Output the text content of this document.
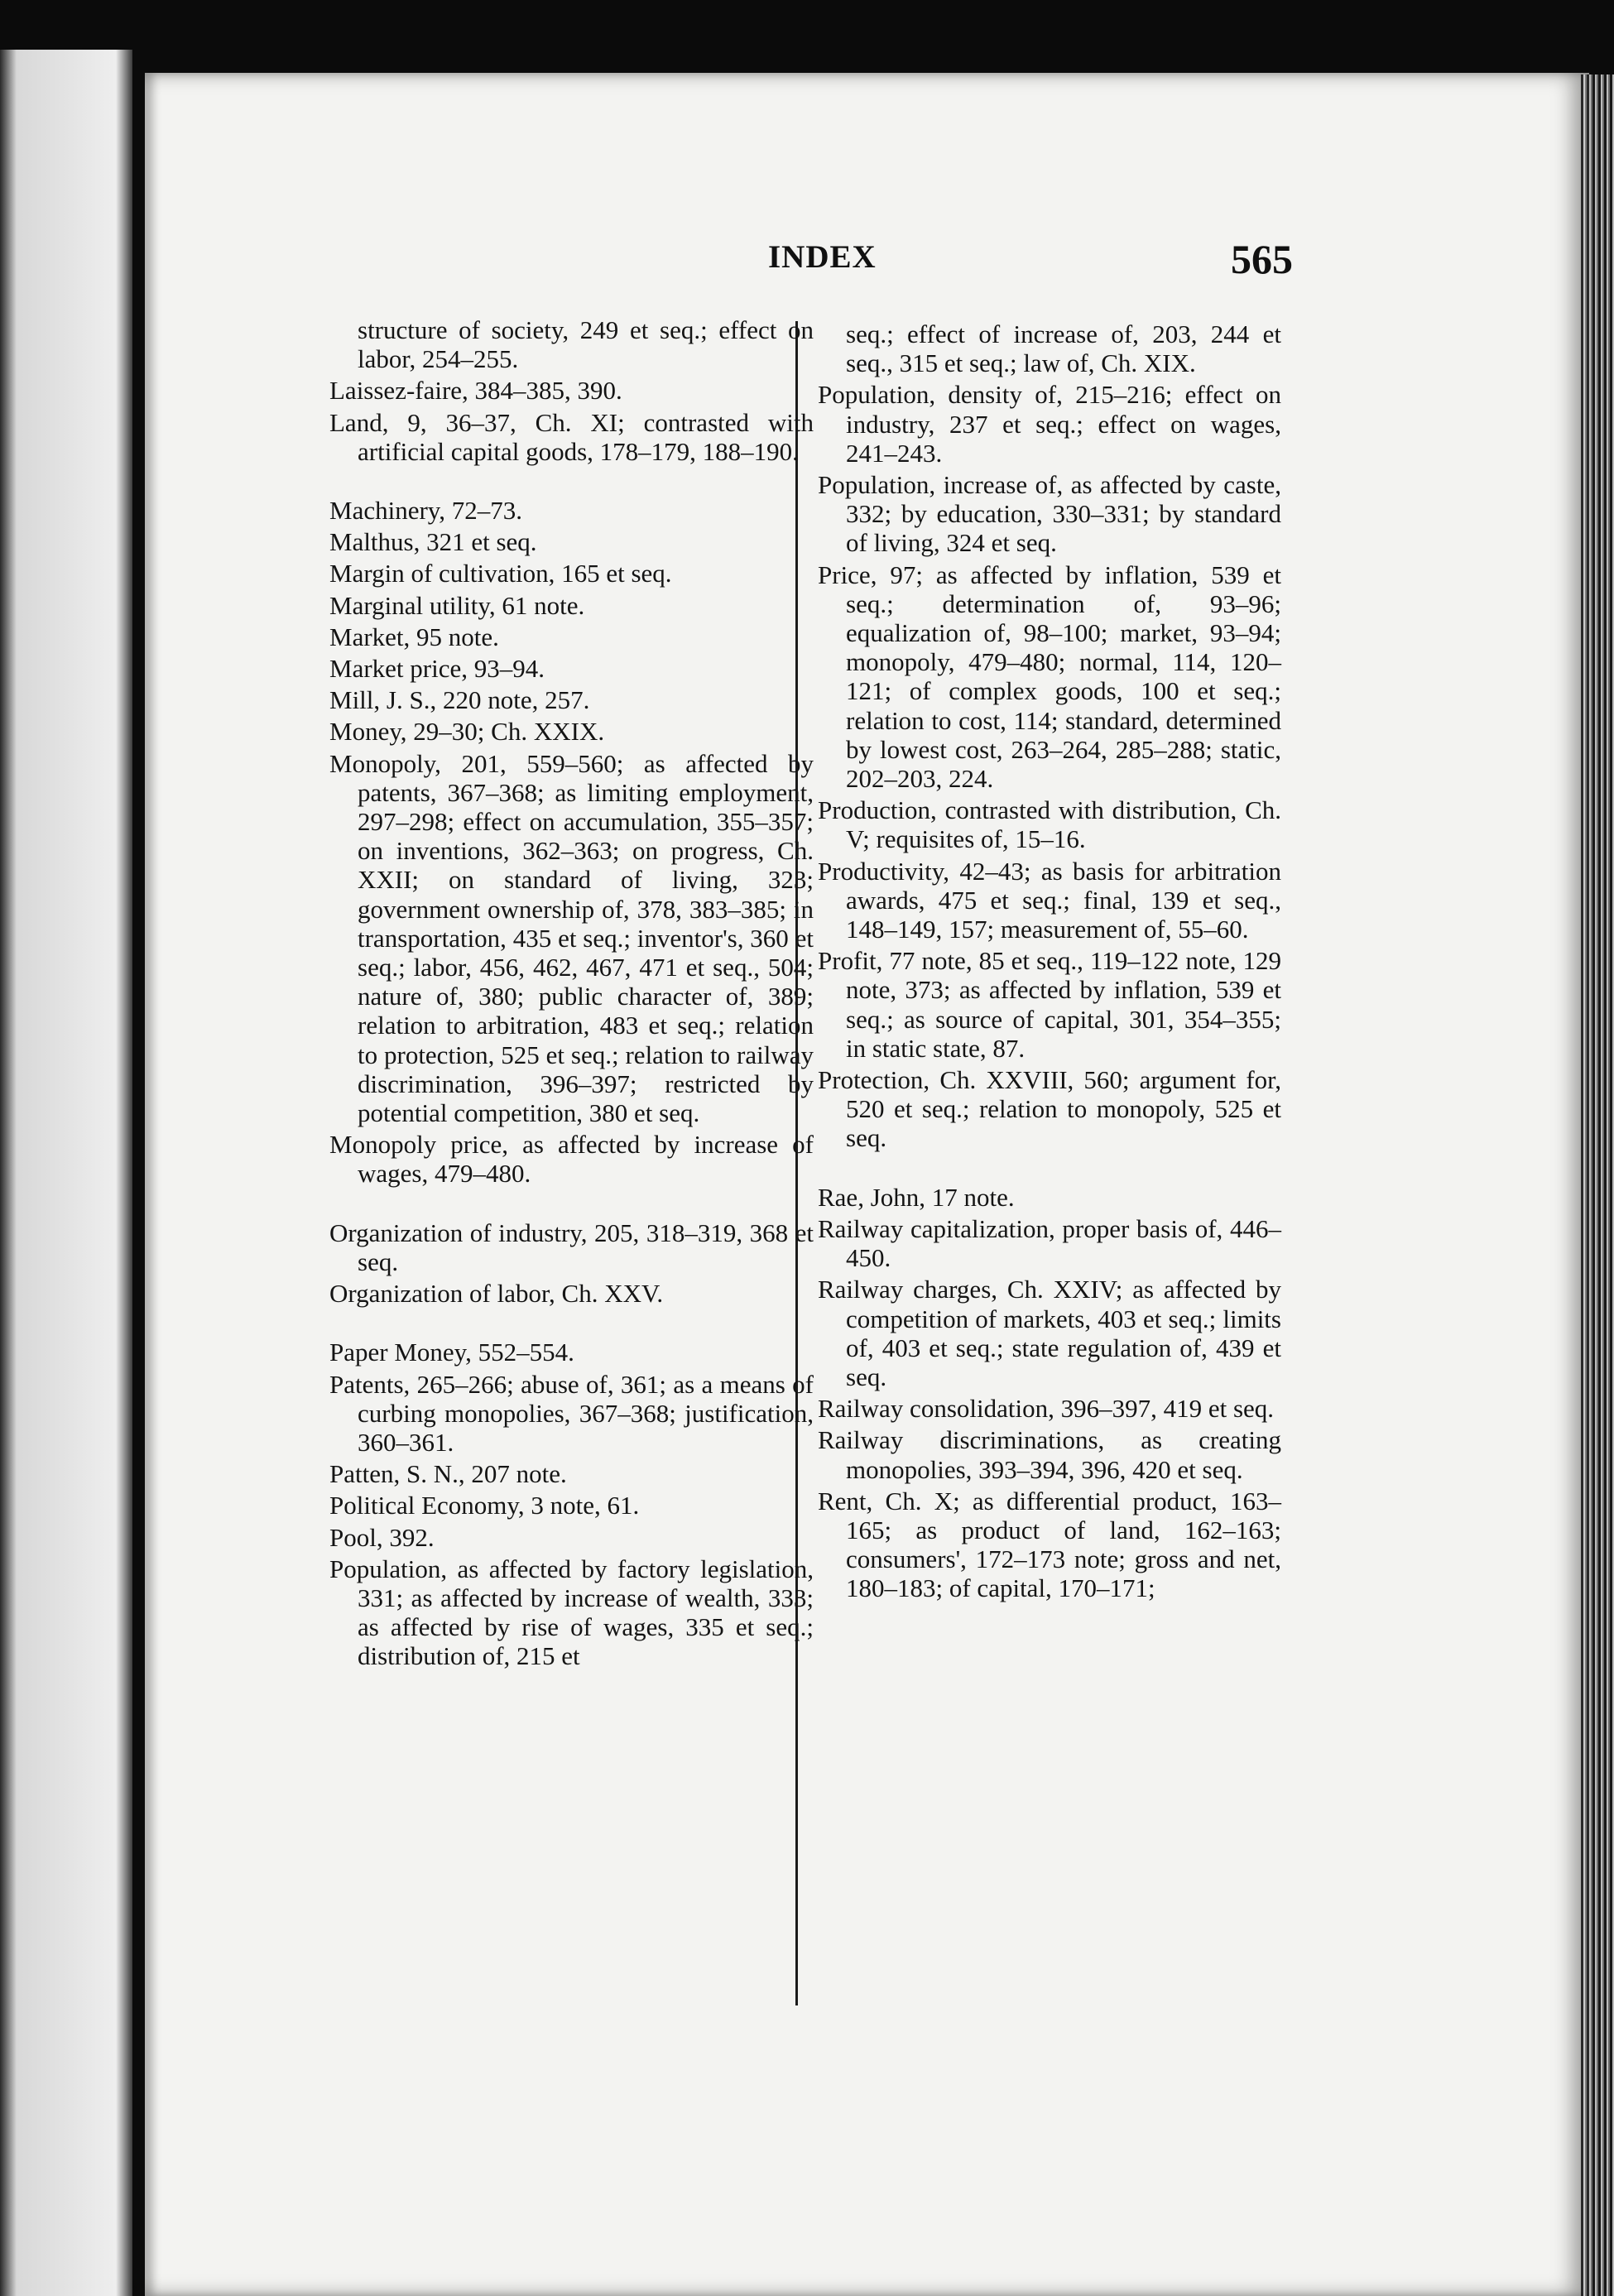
INDEX	565

structure of society, 249 et seq.; effect on labor, 254–255.

Laissez-faire, 384–385, 390.

Land, 9, 36–37, Ch. XI; contrasted with artificial capital goods, 178–179, 188–190.

Machinery, 72–73.

Malthus, 321 et seq.

Margin of cultivation, 165 et seq.

Marginal utility, 61 note.

Market, 95 note.

Market price, 93–94.

Mill, J. S., 220 note, 257.

Money, 29–30; Ch. XXIX.

Monopoly, 201, 559–560; as affected by patents, 367–368; as limiting employment, 297–298; effect on accumulation, 355–357; on inventions, 362–363; on progress, Ch. XXII; on standard of living, 323; government ownership of, 378, 383–385; in transportation, 435 et seq.; inventor's, 360 et seq.; labor, 456, 462, 467, 471 et seq., 504; nature of, 380; public character of, 389; relation to arbitration, 483 et seq.; relation to protection, 525 et seq.; relation to railway discrimination, 396–397; restricted by potential competition, 380 et seq.

Monopoly price, as affected by increase of wages, 479–480.

Organization of industry, 205, 318–319, 368 et seq.

Organization of labor, Ch. XXV.

Paper Money, 552–554.

Patents, 265–266; abuse of, 361; as a means of curbing monopolies, 367–368; justification, 360–361.

Patten, S. N., 207 note.

Political Economy, 3 note, 61.

Pool, 392.

Population, as affected by factory legislation, 331; as affected by increase of wealth, 333; as affected by rise of wages, 335 et seq.; distribution of, 215 et

seq.; effect of increase of, 203, 244 et seq., 315 et seq.; law of, Ch. XIX.

Population, density of, 215–216; effect on industry, 237 et seq.; effect on wages, 241–243.

Population, increase of, as affected by caste, 332; by education, 330–331; by standard of living, 324 et seq.

Price, 97; as affected by inflation, 539 et seq.; determination of, 93–96; equalization of, 98–100; market, 93–94; monopoly, 479–480; normal, 114, 120–121; of complex goods, 100 et seq.; relation to cost, 114; standard, determined by lowest cost, 263–264, 285–288; static, 202–203, 224.

Production, contrasted with distribution, Ch. V; requisites of, 15–16.

Productivity, 42–43; as basis for arbitration awards, 475 et seq.; final, 139 et seq., 148–149, 157; measurement of, 55–60.

Profit, 77 note, 85 et seq., 119–122 note, 129 note, 373; as affected by inflation, 539 et seq.; as source of capital, 301, 354–355; in static state, 87.

Protection, Ch. XXVIII, 560; argument for, 520 et seq.; relation to monopoly, 525 et seq.

Rae, John, 17 note.

Railway capitalization, proper basis of, 446–450.

Railway charges, Ch. XXIV; as affected by competition of markets, 403 et seq.; limits of, 403 et seq.; state regulation of, 439 et seq.

Railway consolidation, 396–397, 419 et seq.

Railway discriminations, as creating monopolies, 393–394, 396, 420 et seq.

Rent, Ch. X; as differential product, 163–165; as product of land, 162–163; consumers', 172–173 note; gross and net, 180–183; of capital, 170–171;
